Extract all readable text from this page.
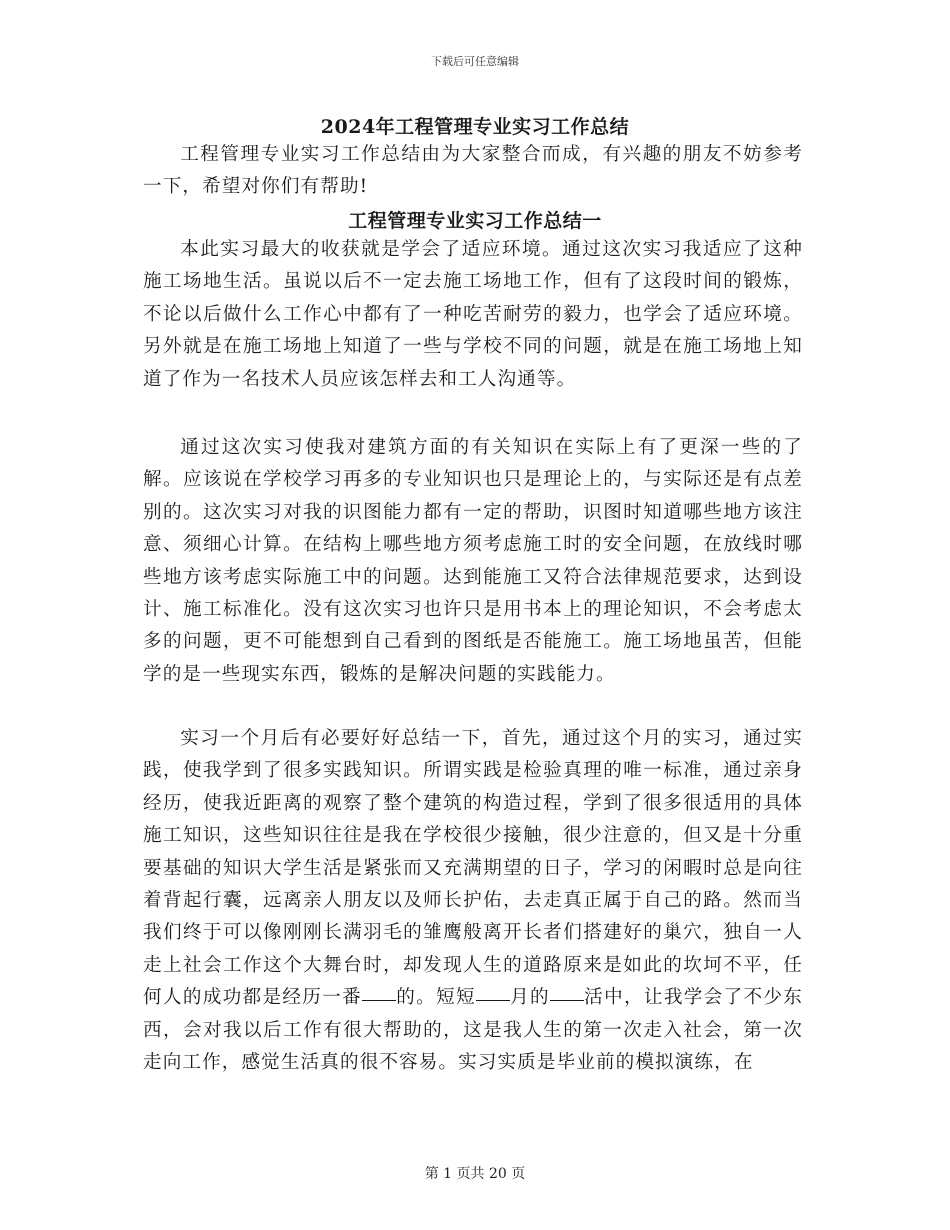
下载后可任意编辑
2024年工程管理专业实习工作总结

工程管理专业实习工作总结由为大家整合而成，有兴趣的朋友不妨参考一下，希望对你们有帮助!

工程管理专业实习工作总结一

本此实习最大的收获就是学会了适应环境。通过这次实习我适应了这种施工场地生活。虽说以后不一定去施工场地工作，但有了这段时间的锻炼，不论以后做什么工作心中都有了一种吃苦耐劳的毅力，也学会了适应环境。另外就是在施工场地上知道了一些与学校不同的问题，就是在施工场地上知道了作为一名技术人员应该怎样去和工人沟通等。

通过这次实习使我对建筑方面的有关知识在实际上有了更深一些的了解。应该说在学校学习再多的专业知识也只是理论上的，与实际还是有点差别的。这次实习对我的识图能力都有一定的帮助，识图时知道哪些地方该注意、须细心计算。在结构上哪些地方须考虑施工时的安全问题，在放线时哪些地方该考虑实际施工中的问题。达到能施工又符合法律规范要求，达到设计、施工标准化。没有这次实习也许只是用书本上的理论知识，不会考虑太多的问题，更不可能想到自己看到的图纸是否能施工。施工场地虽苦，但能学的是一些现实东西，锻炼的是解决问题的实践能力。

实习一个月后有必要好好总结一下，首先，通过这个月的实习，通过实践，使我学到了很多实践知识。所谓实践是检验真理的唯一标准，通过亲身经历，使我近距离的观察了整个建筑的构造过程，学到了很多很适用的具体施工知识，这些知识往往是我在学校很少接触，很少注意的，但又是十分重要基础的知识大学生活是紧张而又充满期望的日子，学习的闲暇时总是向往着背起行囊，远离亲人朋友以及师长护佑，去走真正属于自己的路。然而当我们终于可以像刚刚长满羽毛的雏鹰般离开长者们搭建好的巢穴，独自一人走上社会工作这个大舞台时，却发现人生的道路原来是如此的坎坷不平，任何人的成功都是经历一番 的。短短 月的 活中，让我学会了不少东西，会对我以后工作有很大帮助的，这是我人生的第一次走入社会，第一次走向工作，感觉生活真的很不容易。实习实质是毕业前的模拟演练，在

第 1 页共 20 页
